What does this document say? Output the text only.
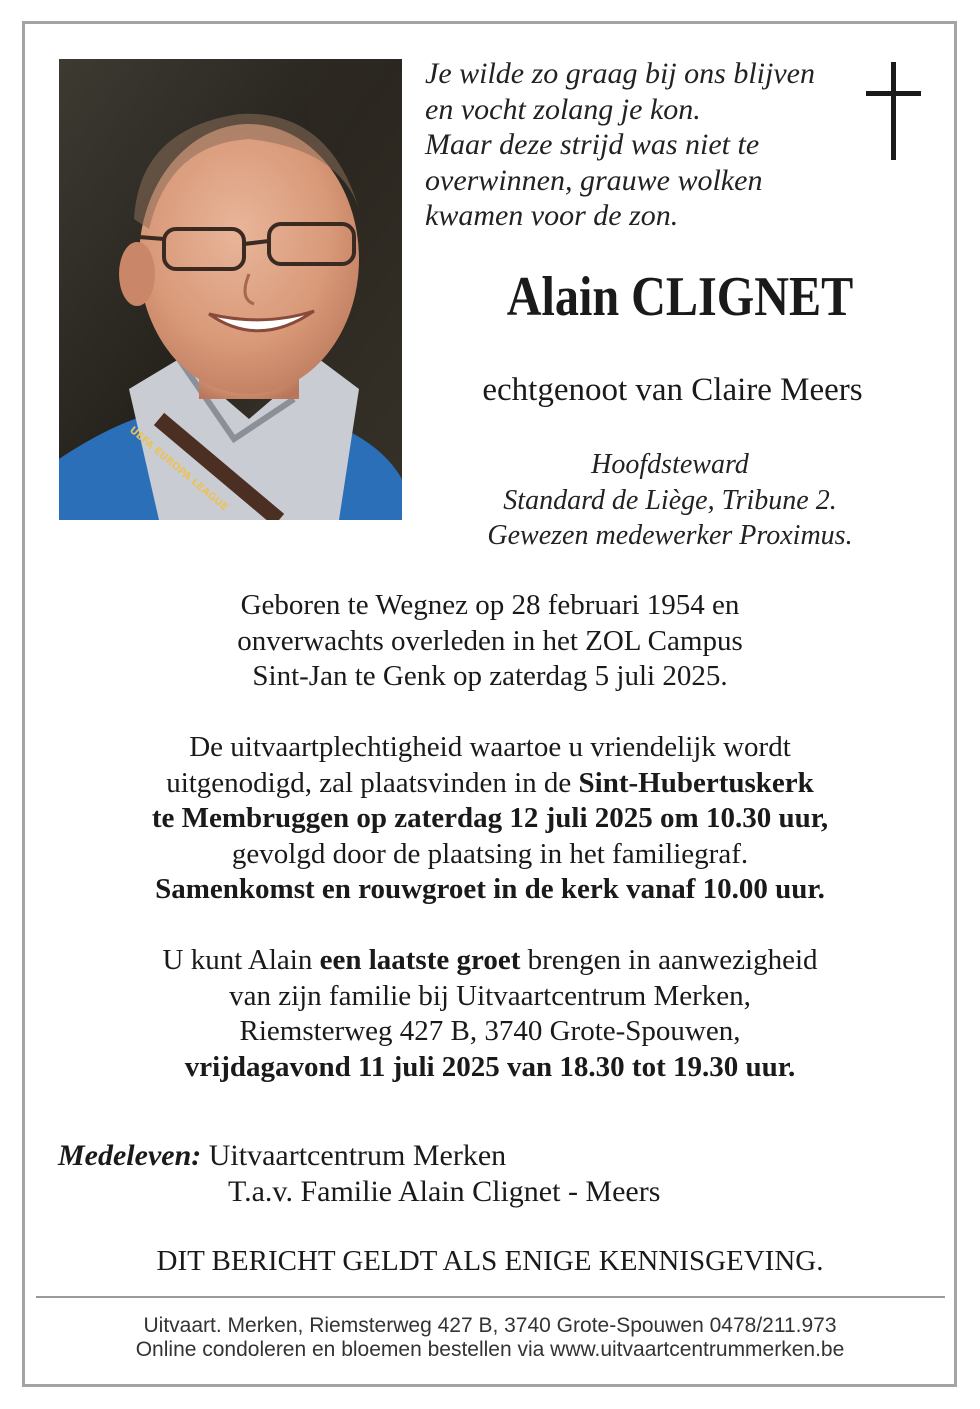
UEFA EUROPA LEAGUE
Je wilde zo graag bij ons blijven
en vocht zolang je kon.
Maar deze strijd was niet te
overwinnen, grauwe wolken
kwamen voor de zon.
Alain CLIGNET
echtgenoot van Claire Meers
Hoofdsteward
Standard de Liège, Tribune 2.
Gewezen medewerker Proximus.
Geboren te Wegnez op 28 februari 1954 en
onverwachts overleden in het ZOL Campus
Sint-Jan te Genk op zaterdag 5 juli 2025.
De uitvaartplechtigheid waartoe u vriendelijk wordt
uitgenodigd, zal plaatsvinden in de Sint-Hubertuskerk
te Membruggen op zaterdag 12 juli 2025 om 10.30 uur,
gevolgd door de plaatsing in het familiegraf.
Samenkomst en rouwgroet in de kerk vanaf 10.00 uur.
U kunt Alain een laatste groet brengen in aanwezigheid
van zijn familie bij Uitvaartcentrum Merken,
Riemsterweg 427 B, 3740 Grote-Spouwen,
vrijdagavond 11 juli 2025 van 18.30 tot 19.30 uur.
Medeleven: Uitvaartcentrum Merken
T.a.v. Familie Alain Clignet - Meers
DIT BERICHT GELDT ALS ENIGE KENNISGEVING.
Uitvaart. Merken, Riemsterweg 427 B, 3740 Grote-Spouwen 0478/211.973
Online condoleren en bloemen bestellen via www.uitvaartcentrummerken.be
